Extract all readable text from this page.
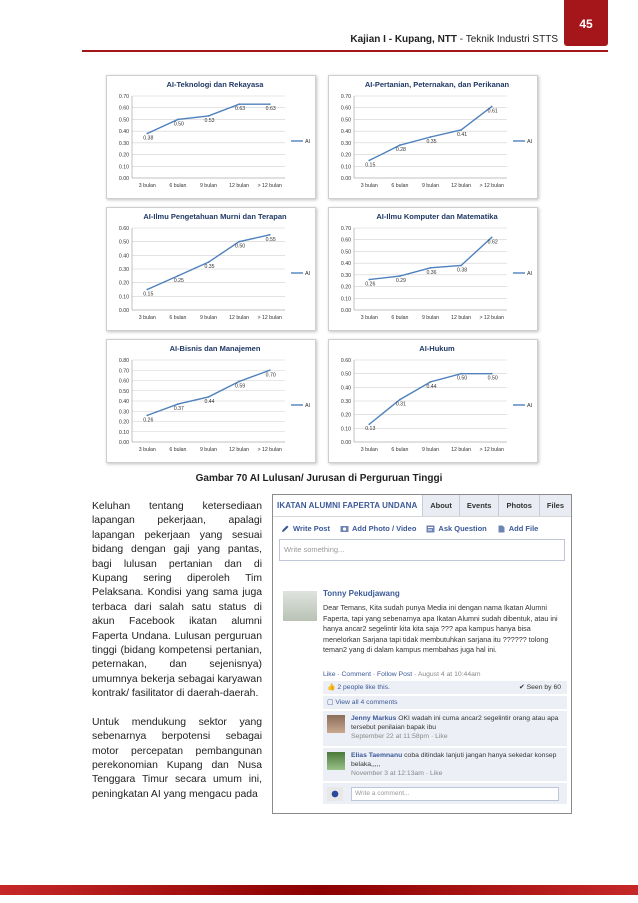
45
Kajian I - Kupang, NTT - Teknik Industri STTS
AI-Teknologi dan Rekayasa
0.00
0.10
0.20
0.30
0.40
0.50
0.60
0.70
3 bulan	6 bulan	9 bulan 12 bulan > 12 bulan
0.38
0.50
0.53
0.63	0.63
AI
AI-Pertanian, Peternakan, dan Perikanan
0.00
0.10
0.20
0.30
0.40
0.50
0.60
0.70
3 bulan	6 bulan	9 bulan 12 bulan > 12 bulan
0.15
0.28
0.35
0.41
0.61
AI
AI-Ilmu Pengetahuan Murni dan Terapan
0.00
0.10
0.20
0.30
0.40
0.50
0.60
3 bulan	6 bulan	9 bulan 12 bulan > 12 bulan
0.15
0.25
0.35
0.50
0.55
AI
AI-Ilmu Komputer dan Matematika
0.00
0.10
0.20
0.30
0.40
0.50
0.60
0.70
3 bulan	6 bulan	9 bulan 12 bulan > 12 bulan
0.26
0.29
0.36	0.38
0.62
AI
AI-Bisnis dan Manajemen
0.00
0.10
0.20
0.30
0.40
0.50
0.60
0.70
0.80
3 bulan	6 bulan	9 bulan 12 bulan > 12 bulan
0.26
0.37
0.44
0.59
0.70
AI
AI-Hukum
0.00
0.10
0.20
0.30
0.40
0.50
0.60
3 bulan	6 bulan	9 bulan 12 bulan > 12 bulan
0.13
0.31
0.44
0.50	0.50
AI
Gambar 70 AI Lulusan/ Jurusan di Perguruan Tinggi

Keluhan tentang ketersediaan lapangan pekerjaan, apalagi lapangan pekerjaan yang sesuai bidang dengan gaji yang pantas, bagi lulusan pertanian dan di Kupang sering diperoleh Tim Pelaksana. Kondisi yang sama juga terbaca dari salah satu status di akun Facebook ikatan alumni Faperta Undana. Lulusan perguruan tinggi (bidang kompetensi pertanian, peternakan, dan sejenisnya) umumnya bekerja sebagai karyawan kontrak/ fasilitator di daerah-daerah.

Untuk mendukung sektor yang sebenarnya berpotensi sebagai motor percepatan pembangunan perekonomian Kupang dan Nusa Tenggara Timur secara umum ini, peningkatan AI yang mengacu pada

IKATAN ALUMNI FAPERTA UNDANA	About	Events	Photos	Files
Write Post	Add Photo / Video	Ask Question	Add File
Write something...
Tonny Pekudjawang
Dear Temans, Kita sudah punya Media ini dengan nama Ikatan Alumni Faperta, tapi yang sebenarnya apa Ikatan Alumni sudah dibentuk, atau ini hanya ancar2 segelintir kita kita saja ??? apa kampus hanya bisa menelorkan Sarjana tapi tidak membutuhkan sarjana itu ?????? tolong teman2 yang di dalam kampus membahas juga hal ini.
Like · Comment · Follow Post · August 4 at 10:44am
👍 2 people like this.	✔ Seen by 60
▢ View all 4 comments
Jenny Markus OKI wadah ini cuma ancar2 segelintir orang atau apa tersebut penilaian bapak ibu
September 22 at 11:58pm · Like
Elias Taemnanu coba ditindak lanjuti jangan hanya sekedar konsep belaka,,,,,
November 3 at 12:13am · Like
Write a comment...
